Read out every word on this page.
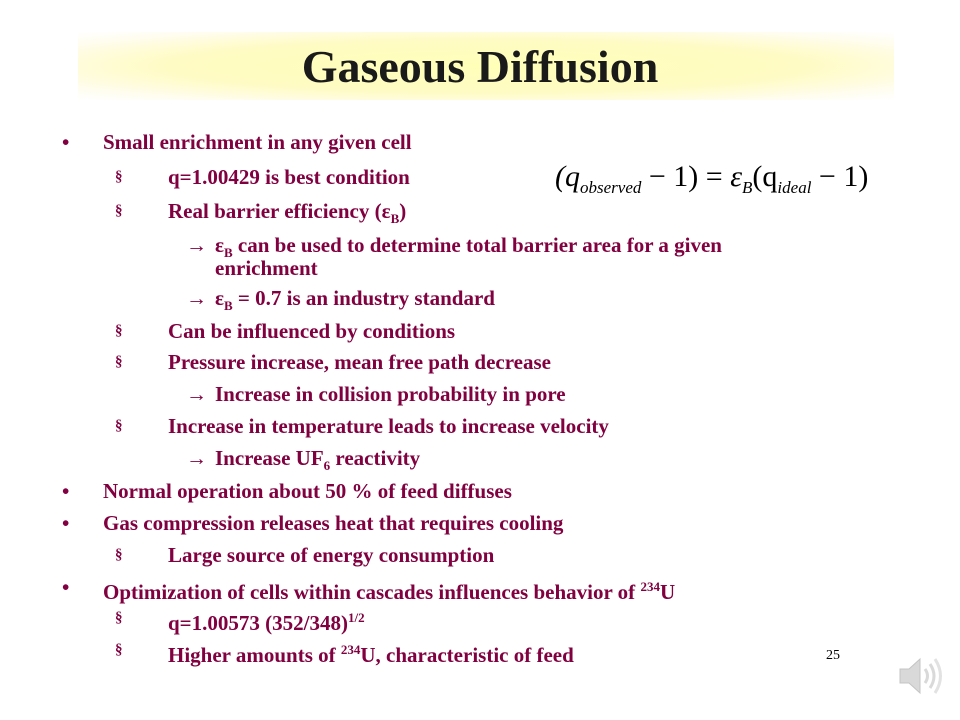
Gaseous Diffusion
• Small enrichment in any given cell
§ q=1.00429 is best condition
§ Real barrier efficiency $(\varepsilon_B)$
→ $\varepsilon_B$ can be used to determine total barrier area for a given
enrichment
→ $\varepsilon_B = 0.7$ is an industry standard
§ Can be influenced by conditions
§ Pressure increase, mean free path decrease
→ Increase in collision probability in pore
§ Increase in temperature leads to increase velocity
→ Increase $UF_6$ reactivity
• Normal operation about 50 % of feed diffuses
• Gas compression releases heat that requires cooling
§ Large source of energy consumption
• Optimization of cells within cascades influences behavior of $^{234}$U
§ q=1.00573 $(352/348)^{1/2}$
§ Higher amounts of $^{234}$U, characteristic of feed
$(q_{observed} - 1) = \varepsilon_B(q_{ideal} - 1)$
25
